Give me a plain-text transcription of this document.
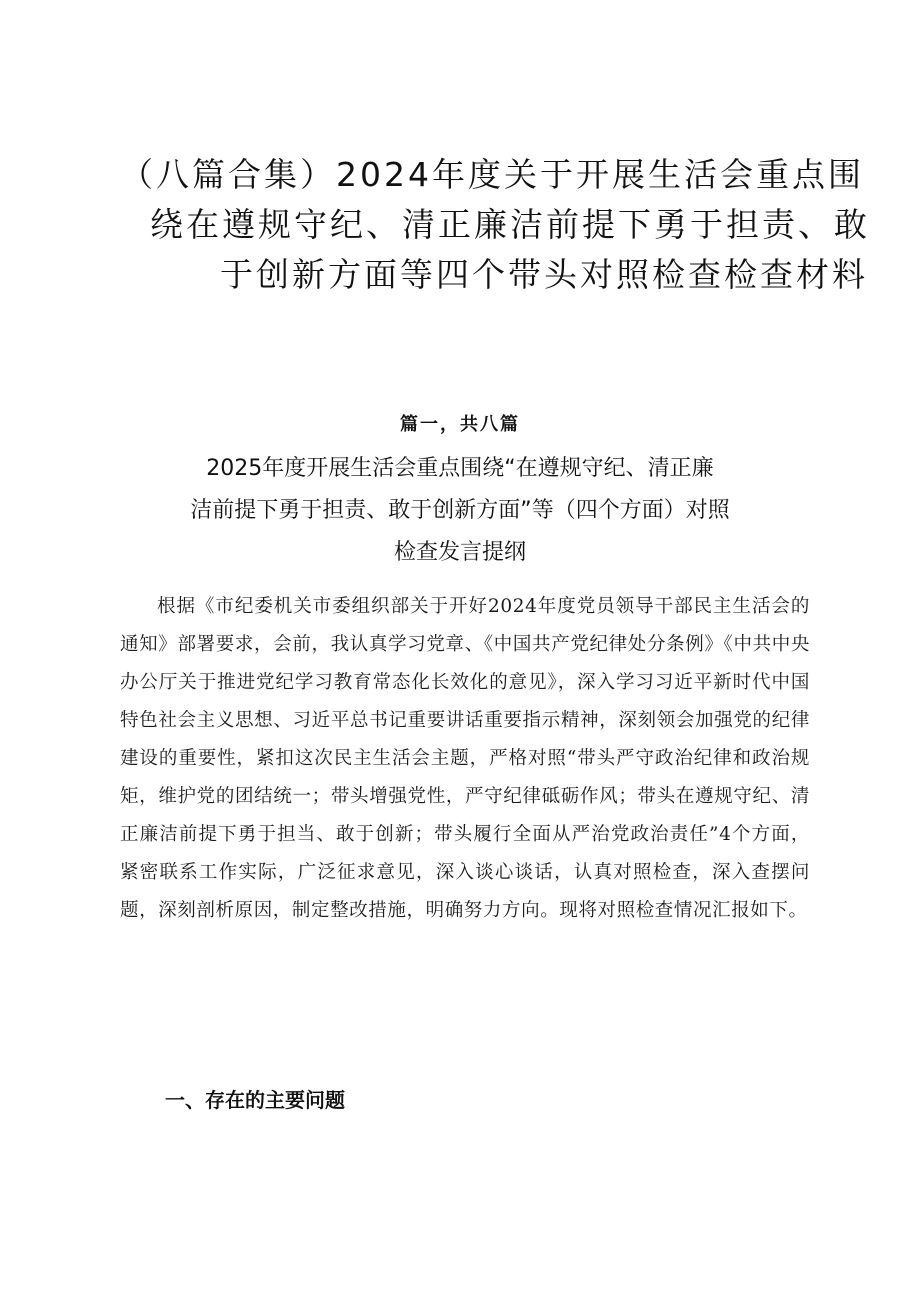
（八篇合集）2024年度关于开展生活会重点围
绕在遵规守纪、清正廉洁前提下勇于担责、敢
于创新方面等四个带头对照检查检查材料
篇一，共八篇
2025年度开展生活会重点围绕“在遵规守纪、清正廉
洁前提下勇于担责、敢于创新方面”等（四个方面）对照
检查发言提纲

根据《市纪委机关市委组织部关于开好2024年度党员领导干部民主生活会的通知》部署要求，会前，我认真学习党章、《中国共产党纪律处分条例》《中共中央办公厅关于推进党纪学习教育常态化长效化的意见》，深入学习习近平新时代中国特色社会主义思想、习近平总书记重要讲话重要指示精神，深刻领会加强党的纪律建设的重要性，紧扣这次民主生活会主题，严格对照“带头严守政治纪律和政治规矩，维护党的团结统一；带头增强党性，严守纪律砥砺作风；带头在遵规守纪、清正廉洁前提下勇于担当、敢于创新；带头履行全面从严治党政治责任”4个方面，紧密联系工作实际，广泛征求意见，深入谈心谈话，认真对照检查，深入查摆问题，深刻剖析原因，制定整改措施，明确努力方向。现将对照检查情况汇报如下。

一、存在的主要问题
